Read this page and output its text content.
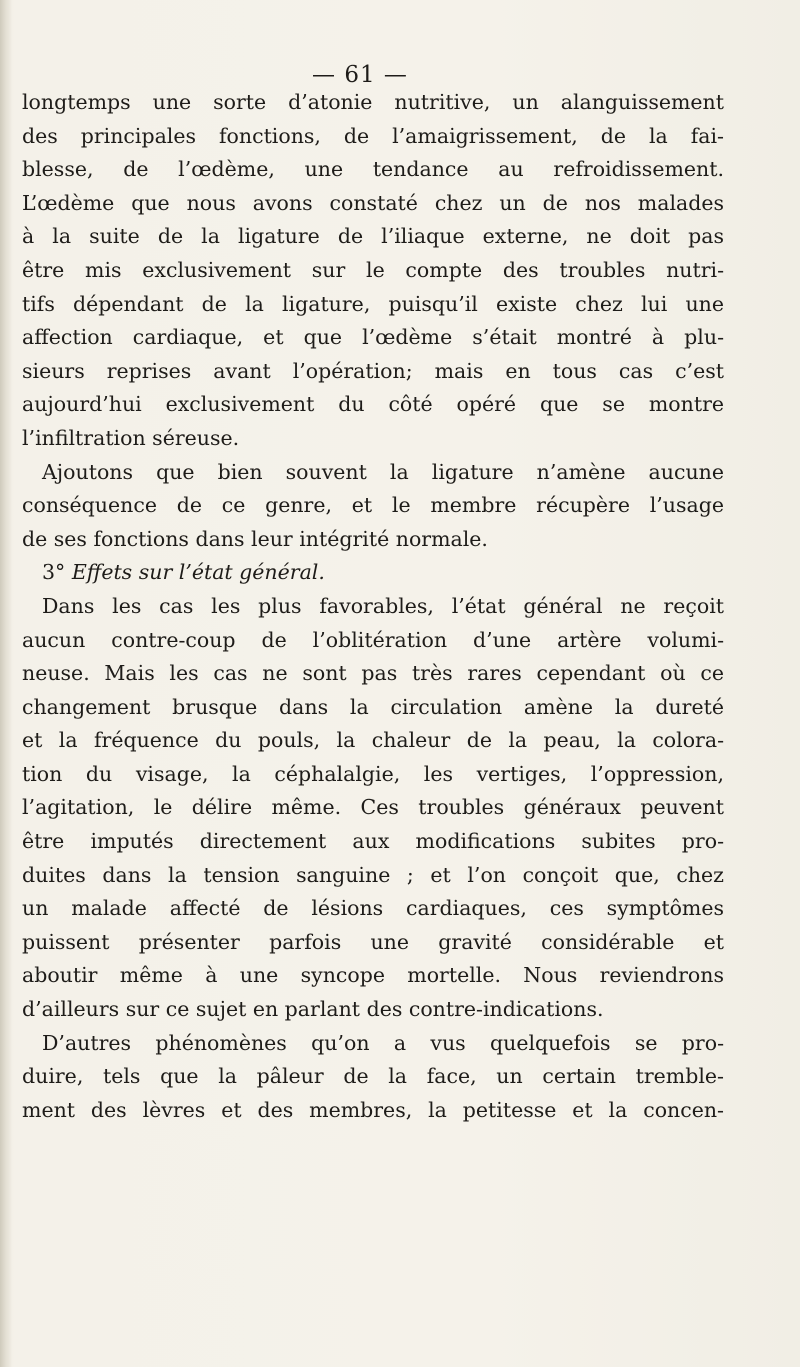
— 61 —
longtemps une sorte d’atonie nutritive, un alanguissement
des principales fonctions, de l’amaigrissement, de la fai-
blesse, de l’œdème, une tendance au refroidissement.
L’œdème que nous avons constaté chez un de nos malades
à la suite de la ligature de l’iliaque externe, ne doit pas
être mis exclusivement sur le compte des troubles nutri-
tifs dépendant de la ligature, puisqu’il existe chez lui une
affection cardiaque, et que l’œdème s’était montré à plu-
sieurs reprises avant l’opération; mais en tous cas c’est
aujourd’hui exclusivement du côté opéré que se montre
l’infiltration séreuse.
Ajoutons que bien souvent la ligature n’amène aucune
conséquence de ce genre, et le membre récupère l’usage
de ses fonctions dans leur intégrité normale.
3° Effets sur l’état général.
Dans les cas les plus favorables, l’état général ne reçoit
aucun contre-coup de l’oblitération d’une artère volumi-
neuse. Mais les cas ne sont pas très rares cependant où ce
changement brusque dans la circulation amène la dureté
et la fréquence du pouls, la chaleur de la peau, la colora-
tion du visage, la céphalalgie, les vertiges, l’oppression,
l’agitation, le délire même. Ces troubles généraux peuvent
être imputés directement aux modifications subites pro-
duites dans la tension sanguine ; et l’on conçoit que, chez
un malade affecté de lésions cardiaques, ces symptômes
puissent présenter parfois une gravité considérable et
aboutir même à une syncope mortelle. Nous reviendrons
d’ailleurs sur ce sujet en parlant des contre-indications.
D’autres phénomènes qu’on a vus quelquefois se pro-
duire, tels que la pâleur de la face, un certain tremble-
ment des lèvres et des membres, la petitesse et la concen-
